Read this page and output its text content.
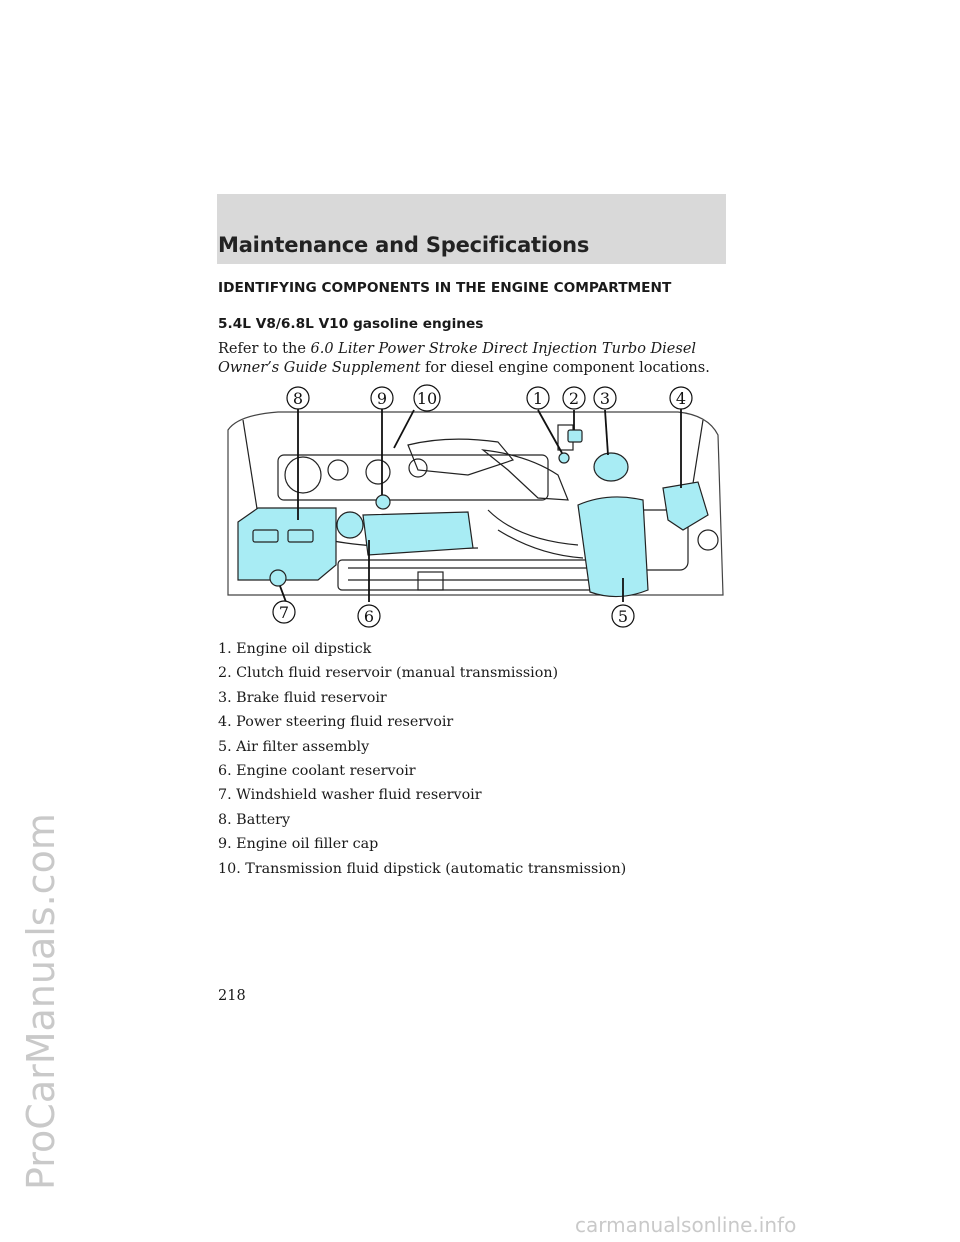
ProCarManuals.com
Maintenance and Specifications
IDENTIFYING COMPONENTS IN THE ENGINE COMPARTMENT
5.4L V8/6.8L V10 gasoline engines
Refer to the 6.0 Liter Power Stroke Direct Injection Turbo Diesel
Owner’s Guide Supplement for diesel engine component locations.
8	9 10	1 2 3	4
7	6	5
1. Engine oil dipstick
2. Clutch fluid reservoir (manual transmission)
3. Brake fluid reservoir
4. Power steering fluid reservoir
5. Air filter assembly
6. Engine coolant reservoir
7. Windshield washer fluid reservoir
8. Battery
9. Engine oil filler cap
10. Transmission fluid dipstick (automatic transmission)
218
carmanualsonline.info
